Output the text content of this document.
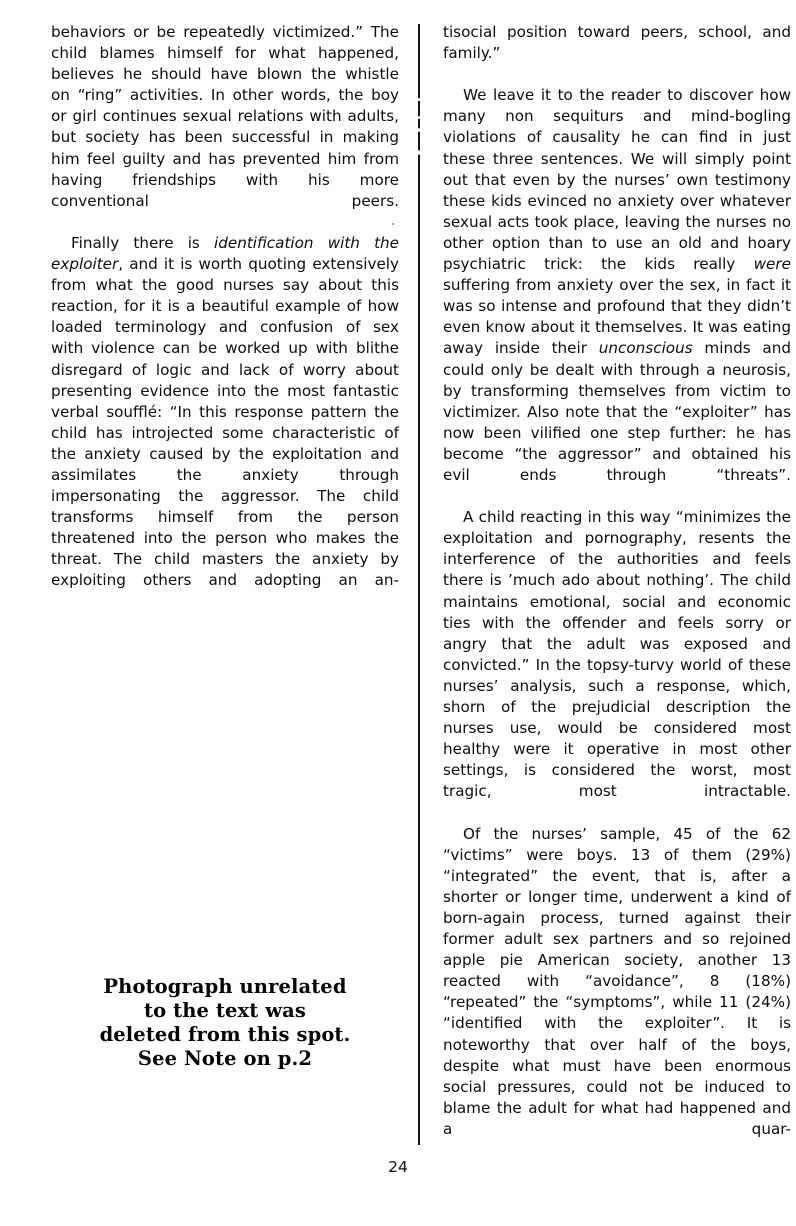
behaviors or be repeatedly victimized.” The child blames himself for what happened, believes he should have blown the whistle on “ring” activities. In other words, the boy or girl continues sexual relations with adults, but society has been successful in making him feel guilty and has prevented him from having friendships with his more conventional peers.

Finally there is identification with the exploiter, and it is worth quoting extensively from what the good nurses say about this reaction, for it is a beautiful example of how loaded terminology and confusion of sex with violence can be worked up with blithe disregard of logic and lack of worry about presenting evidence into the most fantastic verbal soufflé: “In this response pattern the child has introjected some characteristic of the anxiety caused by the exploitation and assimilates the anxiety through impersonating the aggressor. The child transforms himself from the person threatened into the person who makes the threat. The child masters the anxiety by exploiting others and adopting an an-

tisocial position toward peers, school, and family.”

We leave it to the reader to discover how many non sequiturs and mind-bogling violations of causality he can find in just these three sentences. We will simply point out that even by the nurses’ own testimony these kids evinced no anxiety over whatever sexual acts took place, leaving the nurses no other option than to use an old and hoary psychiatric trick: the kids really were suffering from anxiety over the sex, in fact it was so intense and profound that they didn’t even know about it themselves. It was eating away inside their unconscious minds and could only be dealt with through a neurosis, by transforming themselves from victim to victimizer. Also note that the “exploiter” has now been vilified one step further: he has become “the aggressor” and obtained his evil ends through “threats”.

A child reacting in this way “minimizes the exploitation and pornography, resents the interference of the authorities and feels there is ’much ado about nothing’. The child maintains emotional, social and economic ties with the offender and feels sorry or angry that the adult was exposed and convicted.” In the topsy-turvy world of these nurses’ analysis, such a response, which, shorn of the prejudicial description the nurses use, would be considered most healthy were it operative in most other settings, is considered the worst, most tragic, most intractable.

Of the nurses’ sample, 45 of the 62 “victims” were boys. 13 of them (29%) “integrated” the event, that is, after a shorter or longer time, underwent a kind of born-again process, turned against their former adult sex partners and so rejoined apple pie American society, another 13 reacted with “avoidance”, 8 (18%) “repeated” the “symptoms”, while 11 (24%) “identified with the exploiter”. It is noteworthy that over half of the boys, despite what must have been enormous social pressures, could not be induced to blame the adult for what had happened and a quar-

Photograph unrelated
to the text was
deleted from this spot.
See Note on p.2
24
